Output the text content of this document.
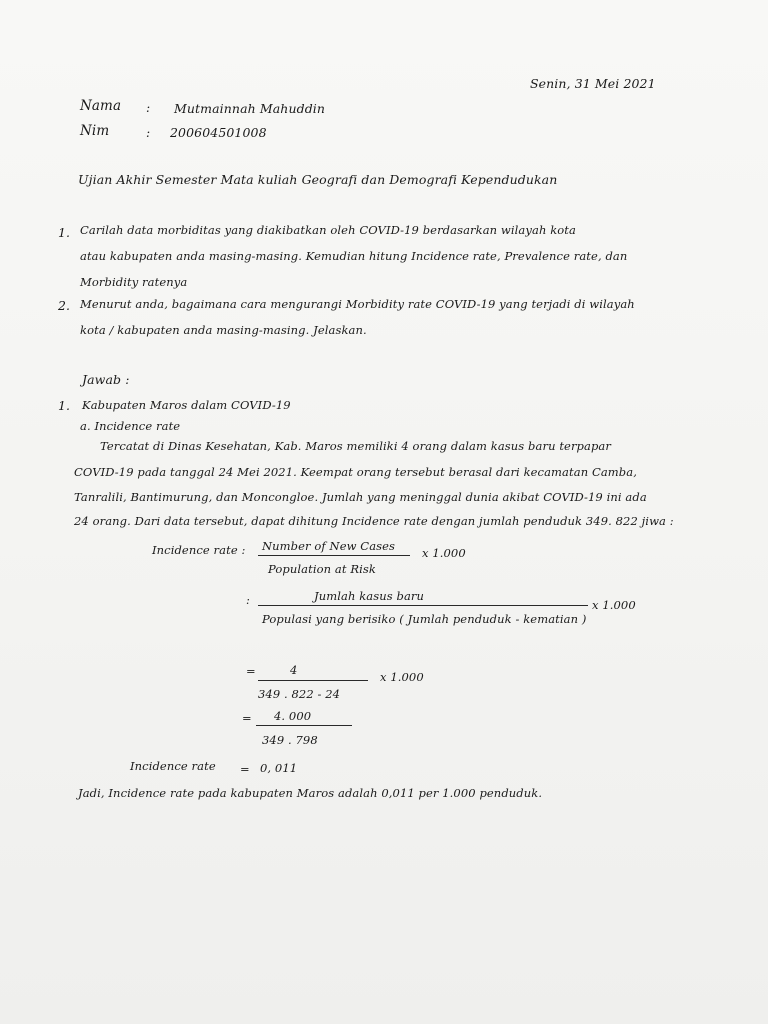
Senin, 31 Mei 2021
Nama : Mutmainnah Mahuddin
Nim	: 200604501008
Ujian Akhir Semester Mata kuliah Geografi dan Demografi Kependudukan
1. Carilah data morbiditas yang diakibatkan oleh COVID-19 berdasarkan wilayah kota
atau kabupaten anda masing-masing. Kemudian hitung Incidence rate, Prevalence rate, dan
Morbidity ratenya
2. Menurut anda, bagaimana cara mengurangi Morbidity rate COVID-19 yang terjadi di wilayah
kota / kabupaten anda masing-masing. Jelaskan.
Jawab :
1. Kabupaten Maros dalam COVID-19
a. Incidence rate
Tercatat di Dinas Kesehatan, Kab. Maros memiliki 4 orang dalam kasus baru terpapar
COVID-19 pada tanggal 24 Mei 2021. Keempat orang tersebut berasal dari kecamatan Camba,
Tanralili, Bantimurung, dan Moncongloe. Jumlah yang meninggal dunia akibat COVID-19 ini ada
24 orang. Dari data tersebut, dapat dihitung Incidence rate dengan jumlah penduduk 349. 822 jiwa :
Incidence rate : Number of New Cases
Population at Risk
x 1.000
:	Jumlah kasus baru
Populasi yang berisiko ( Jumlah penduduk - kematian )
x 1.000
=	4
349 . 822 - 24
x 1.000
= 4. 000
349 . 798
Incidence rate = 0, 011
Jadi, Incidence rate pada kabupaten Maros adalah 0,011 per 1.000 penduduk.
